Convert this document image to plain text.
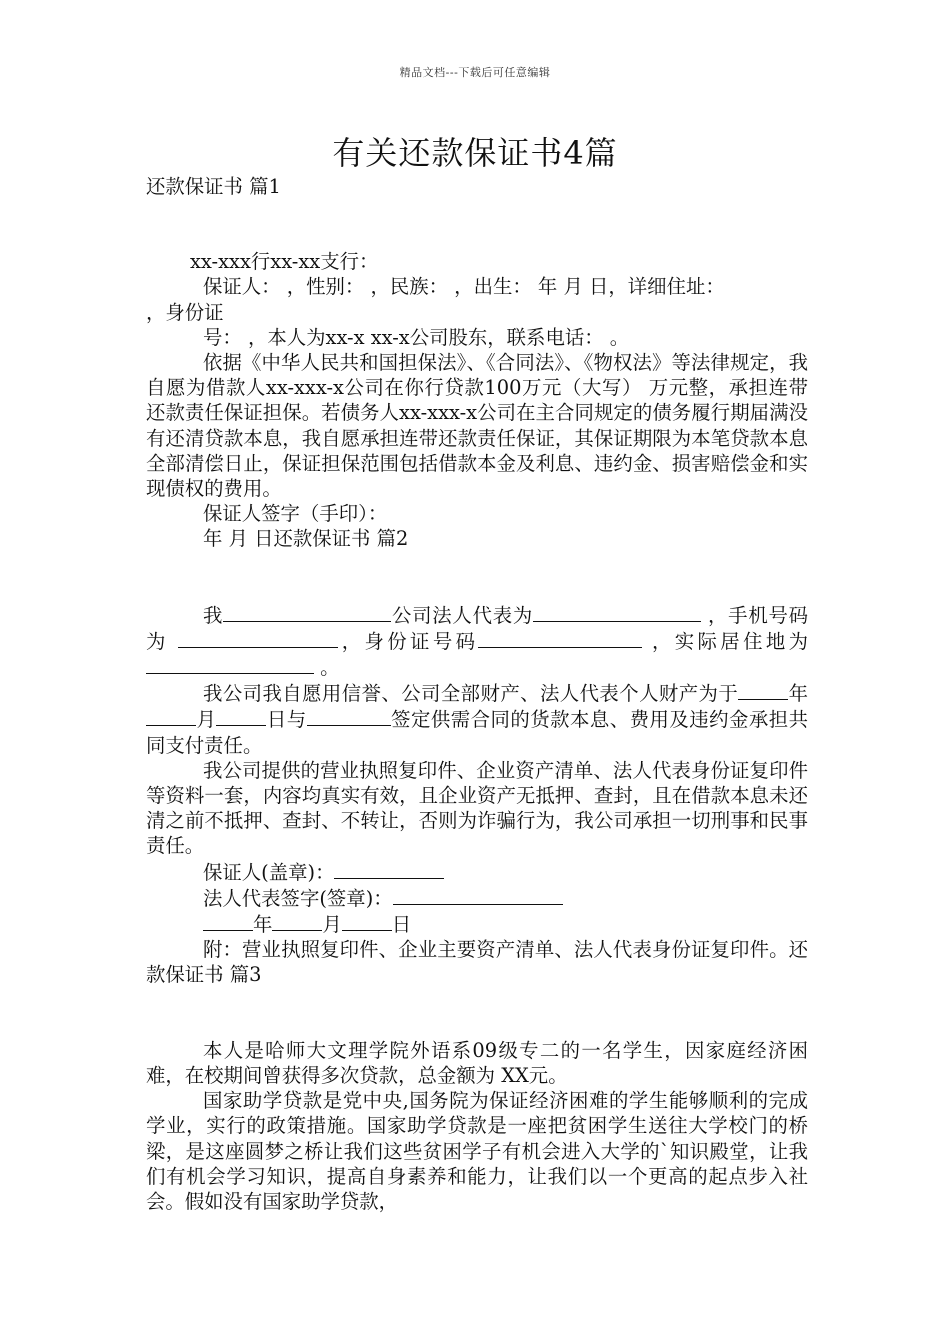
精品文档---下载后可任意编辑
有关还款保证书4篇

还款保证书 篇1

xx-xxx行xx-xx支行：

保证人： ，性别： ，民族： ，出生： 年 月 日，详细住址：

，身份证

号： ，本人为xx-x xx-x公司股东，联系电话： 。

依据《中华人民共和国担保法》、《合同法》、《物权法》等法律规定，我自愿为借款人xx-xxx-x公司在你行贷款100万元（大写） 万元整，承担连带还款责任保证担保。若债务人xx-xxx-x公司在主合同规定的债务履行期届满没有还清贷款本息，我自愿承担连带还款责任保证，其保证期限为本笔贷款本息全部清偿日止，保证担保范围包括借款本金及利息、违约金、损害赔偿金和实现债权的费用。

保证人签字（手印）：

年 月 日还款保证书 篇2

我	公司法人代表为	，手机号码为	，身份证号码	，实际居住地为 。

我公司我自愿用信誉、公司全部财产、法人代表个人财产为于	年月	日与	签定供需合同的货款本息、费用及违约金承担共同支付责任。

我公司提供的营业执照复印件、企业资产清单、法人代表身份证复印件等资料一套，内容均真实有效，且企业资产无抵押、查封，且在借款本息未还清之前不抵押、查封、不转让，否则为诈骗行为，我公司承担一切刑事和民事责任。

保证人(盖章)：

法人代表签字(签章)：

年	月	日

附：营业执照复印件、企业主要资产清单、法人代表身份证复印件。还款保证书 篇3

本人是哈师大文理学院外语系09级专二的一名学生，因家庭经济困难，在校期间曾获得多次贷款，总金额为 XX元。

国家助学贷款是党中央,国务院为保证经济困难的学生能够顺利的完成学业，实行的政策措施。国家助学贷款是一座把贫困学生送往大学校门的桥梁，是这座圆梦之桥让我们这些贫困学子有机会进入大学的`知识殿堂，让我们有机会学习知识，提高自身素养和能力，让我们以一个更高的起点步入社会。假如没有国家助学贷款，
